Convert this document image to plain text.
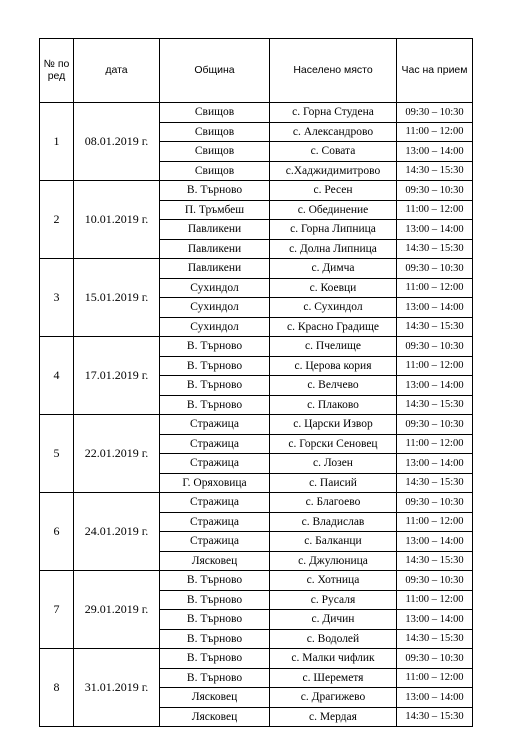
№ по ред	дата	Община	Населено място	Час на прием
1	08.01.2019 г.	Свищов	с. Горна Студена	09:30 – 10:30
		Свищов	с. Александрово	11:00 – 12:00
		Свищов	с. Совата	13:00 – 14:00
		Свищов	с.Хаджидимитрово	14:30 – 15:30
2	10.01.2019 г.	В. Търново	с. Ресен	09:30 – 10:30
		П. Тръмбеш	с. Обединение	11:00 – 12:00
		Павликени	с. Горна Липница	13:00 – 14:00
		Павликени	с. Долна Липница	14:30 – 15:30
3	15.01.2019 г.	Павликени	с. Димча	09:30 – 10:30
		Сухиндол	с. Коевци	11:00 – 12:00
		Сухиндол	с. Сухиндол	13:00 – 14:00
		Сухиндол	с. Красно Градище	14:30 – 15:30
4	17.01.2019 г.	В. Търново	с. Пчелище	09:30 – 10:30
		В. Търново	с. Церова кория	11:00 – 12:00
		В. Търново	с. Велчево	13:00 – 14:00
		В. Търново	с. Плаково	14:30 – 15:30
5	22.01.2019 г.	Стражица	с. Царски Извор	09:30 – 10:30
		Стражица	с. Горски Сеновец	11:00 – 12:00
		Стражица	с. Лозен	13:00 – 14:00
		Г. Оряховица	с. Паисий	14:30 – 15:30
6	24.01.2019 г.	Стражица	с. Благоево	09:30 – 10:30
		Стражица	с. Владислав	11:00 – 12:00
		Стражица	с. Балканци	13:00 – 14:00
		Лясковец	с. Джулюница	14:30 – 15:30
7	29.01.2019 г.	В. Търново	с. Хотница	09:30 – 10:30
		В. Търново	с. Русаля	11:00 – 12:00
		В. Търново	с. Дичин	13:00 – 14:00
		В. Търново	с. Водолей	14:30 – 15:30
8	31.01.2019 г.	В. Търново	с. Малки чифлик	09:30 – 10:30
		В. Търново	с. Шереметя	11:00 – 12:00
		Лясковец	с. Драгижево	13:00 – 14:00
		Лясковец	с. Мердая	14:30 – 15:30
